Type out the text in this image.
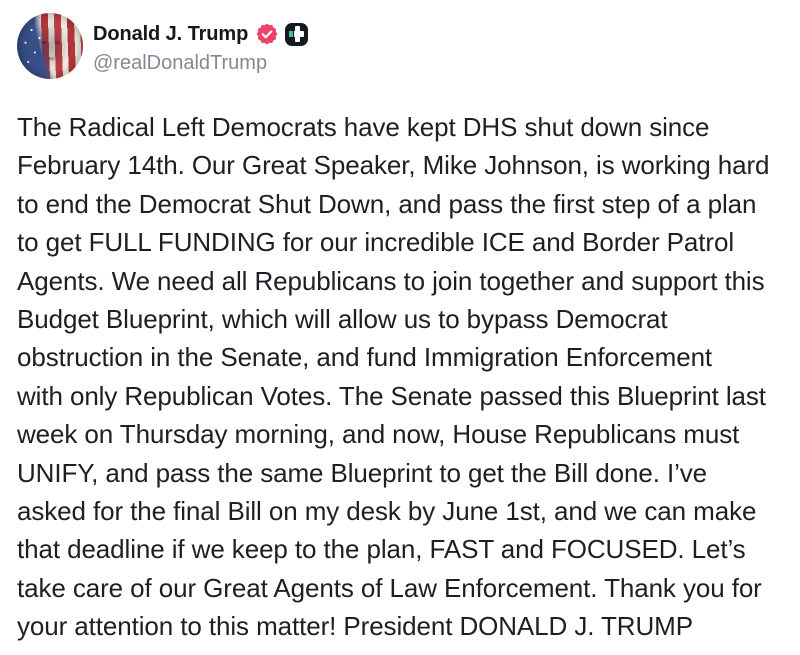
Donald J. Trump
@realDonaldTrump
The Radical Left Democrats have kept DHS shut down since
February 14th. Our Great Speaker, Mike Johnson, is working hard
to end the Democrat Shut Down, and pass the first step of a plan
to get FULL FUNDING for our incredible ICE and Border Patrol
Agents. We need all Republicans to join together and support this
Budget Blueprint, which will allow us to bypass Democrat
obstruction in the Senate, and fund Immigration Enforcement
with only Republican Votes. The Senate passed this Blueprint last
week on Thursday morning, and now, House Republicans must
UNIFY, and pass the same Blueprint to get the Bill done. I’ve
asked for the final Bill on my desk by June 1st, and we can make
that deadline if we keep to the plan, FAST and FOCUSED. Let’s
take care of our Great Agents of Law Enforcement. Thank you for
your attention to this matter! President DONALD J. TRUMP
